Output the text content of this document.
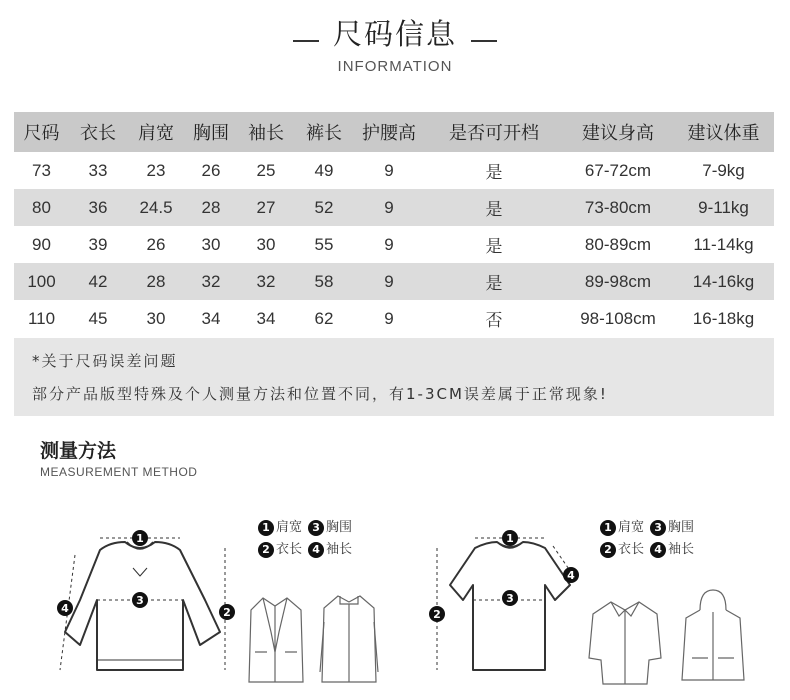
尺码信息
INFORMATION
尺码	衣长	肩宽	胸围	袖长	裤长	护腰高	是否可开档	建议身高	建议体重
73	33	23	26	25	49	9	是	67-72cm	7-9kg
80	36	24.5	28	27	52	9	是	73-80cm	9-11kg
90	39	26	30	30	55	9	是	80-89cm	11-14kg
100	42	28	32	32	58	9	是	89-98cm	14-16kg
110	45	30	34	34	62	9	否	98-108cm	16-18kg
*关于尺码误差问题
部分产品版型特殊及个人测量方法和位置不同，有1-3CM误差属于正常现象!
测量方法
MEASUREMENT METHOD
1
3
2
4
1 肩宽 3 胸围
2 衣长 4 袖长
1
3
2
4
1 肩宽 3 胸围
2 衣长 4 袖长
